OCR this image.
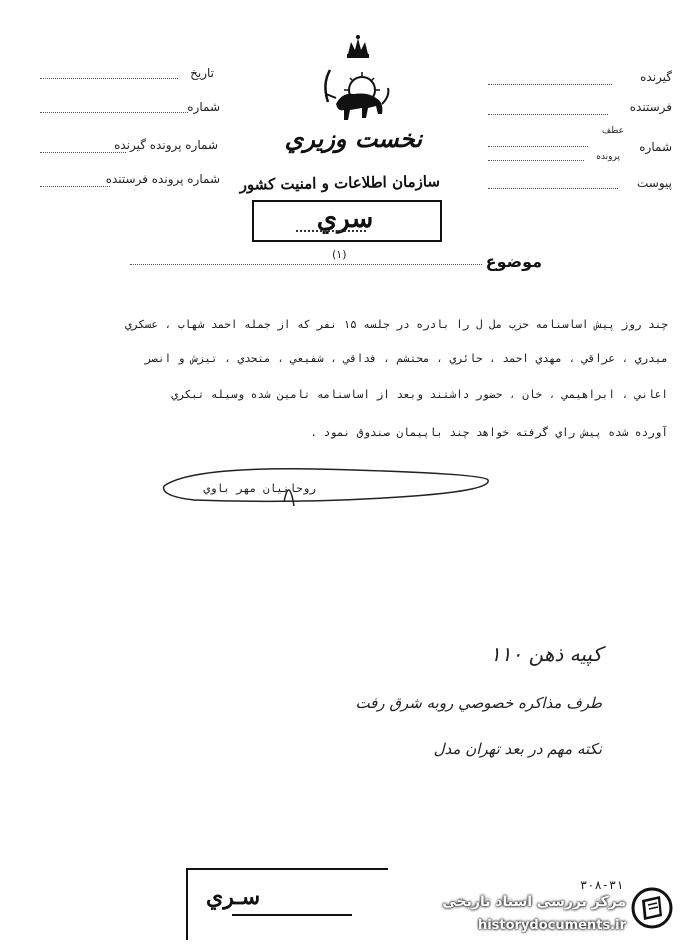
تاريخ
شماره
شماره پرونده گيرنده
شماره پرونده فرستنده
نخست وزيري
سازمان اطلاعات و امنيت كشور
سري
(۱)
گيرنده
فرستنده
شماره
عطف
پرونده
پيوست
موضوع
چند روز پيش اساسنامه حزب مل ل را بادره در جلسه ۱۵ نفر كه از جمله احمد شهاب ، عسكري
ميدري ، عراقي ، مهدي احمد ، حائري ، محتشم ، فداقي ، شفيعي ، متحدي ، تيزش و انصر
اعاني ، ابراهيمي ، خان ، حضور داشتند وبعد از اساسنامه تامين شده وسيله تبكري
آورده شده پيش راي گرفته خواهد چند باپيمان صندوق نمود .
روحانيان مهر باوي
كپيه ذهن ۱۱۰
طرف مذاكره خصوصي روبه شرق رفت
نكته مهم در بعد تهران مدل
سـري	۳۰۸-۳۱
مرکز بررسی اسناد تاریخی
historydocuments.ir
